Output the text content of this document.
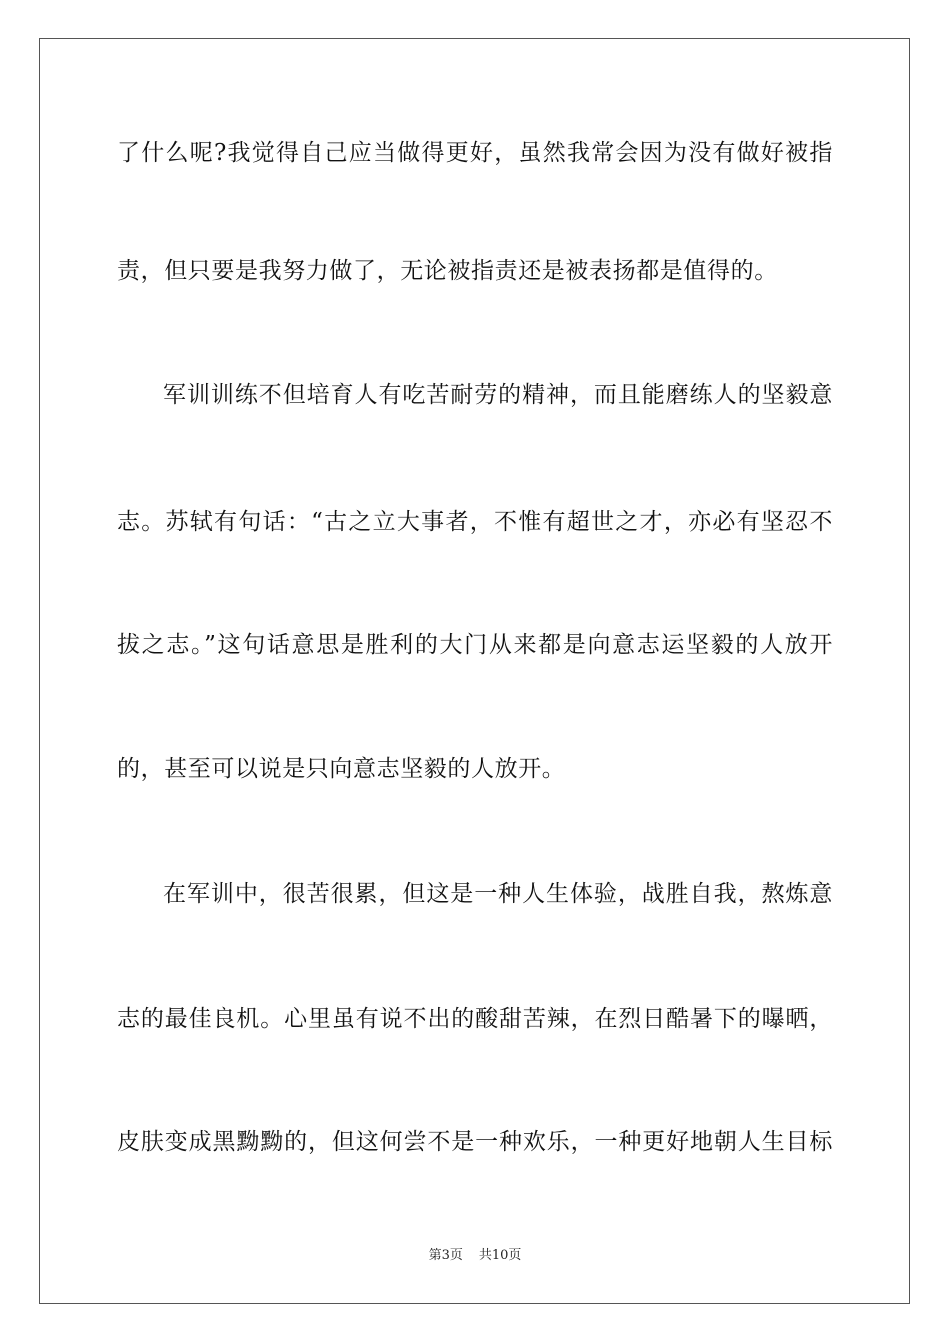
了什么呢?我觉得自己应当做得更好，虽然我常会因为没有做好被指
责，但只要是我努力做了，无论被指责还是被表扬都是值得的。
军训训练不但培育人有吃苦耐劳的精神，而且能磨练人的坚毅意
志。苏轼有句话：“古之立大事者，不惟有超世之才，亦必有坚忍不
拔之志。”这句话意思是胜利的大门从来都是向意志运坚毅的人放开
的，甚至可以说是只向意志坚毅的人放开。
在军训中，很苦很累，但这是一种人生体验，战胜自我，熬炼意
志的最佳良机。心里虽有说不出的酸甜苦辣，在烈日酷暑下的曝晒，
皮肤变成黑黝黝的，但这何尝不是一种欢乐，一种更好地朝人生目标
第3页 共10页
